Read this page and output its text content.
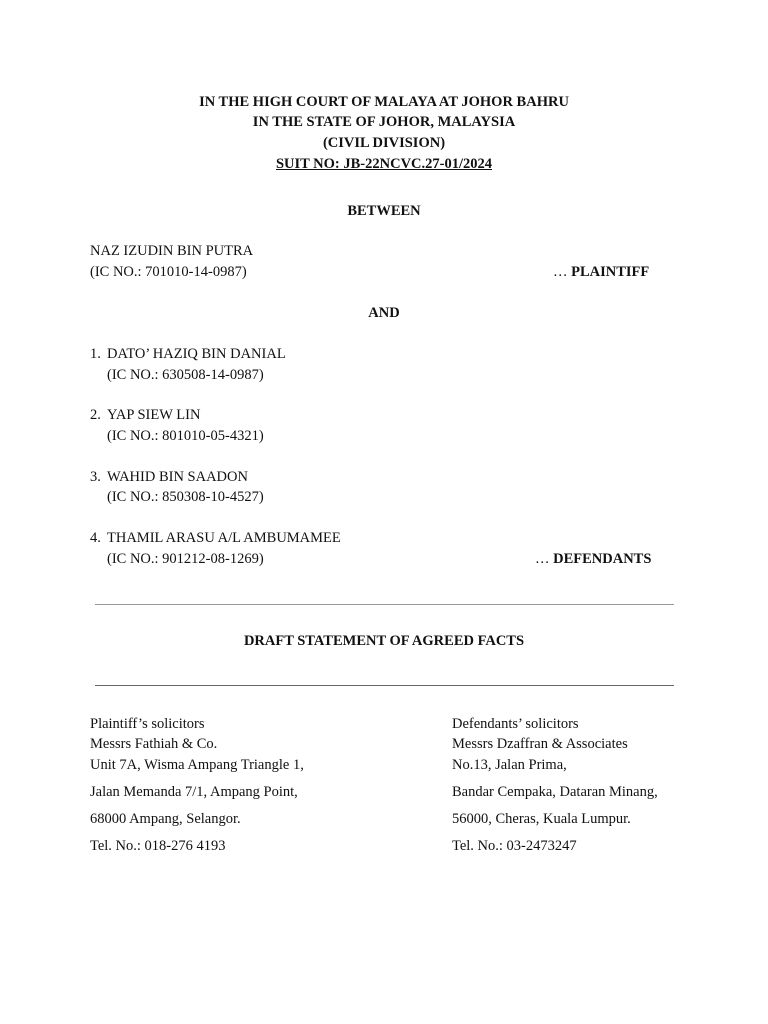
IN THE HIGH COURT OF MALAYA AT JOHOR BAHRU
IN THE STATE OF JOHOR, MALAYSIA
(CIVIL DIVISION)
SUIT NO: JB-22NCVC.27-01/2024
BETWEEN
NAZ IZUDIN BIN PUTRA
(IC NO.: 701010-14-0987)	… PLAINTIFF
AND
1. DATO’ HAZIQ BIN DANIAL
(IC NO.: 630508-14-0987)
2. YAP SIEW LIN
(IC NO.: 801010-05-4321)
3. WAHID BIN SAADON
(IC NO.: 850308-10-4527)
4. THAMIL ARASU A/L AMBUMAMEE
(IC NO.: 901212-08-1269)	… DEFENDANTS
DRAFT STATEMENT OF AGREED FACTS
Plaintiff’s solicitors
Messrs Fathiah & Co.
Unit 7A, Wisma Ampang Triangle 1,
Jalan Memanda 7/1, Ampang Point,
68000 Ampang, Selangor.
Tel. No.: 018-276 4193
Defendants’ solicitors
Messrs Dzaffran & Associates
No.13, Jalan Prima,
Bandar Cempaka, Dataran Minang,
56000, Cheras, Kuala Lumpur.
Tel. No.: 03-2473247
